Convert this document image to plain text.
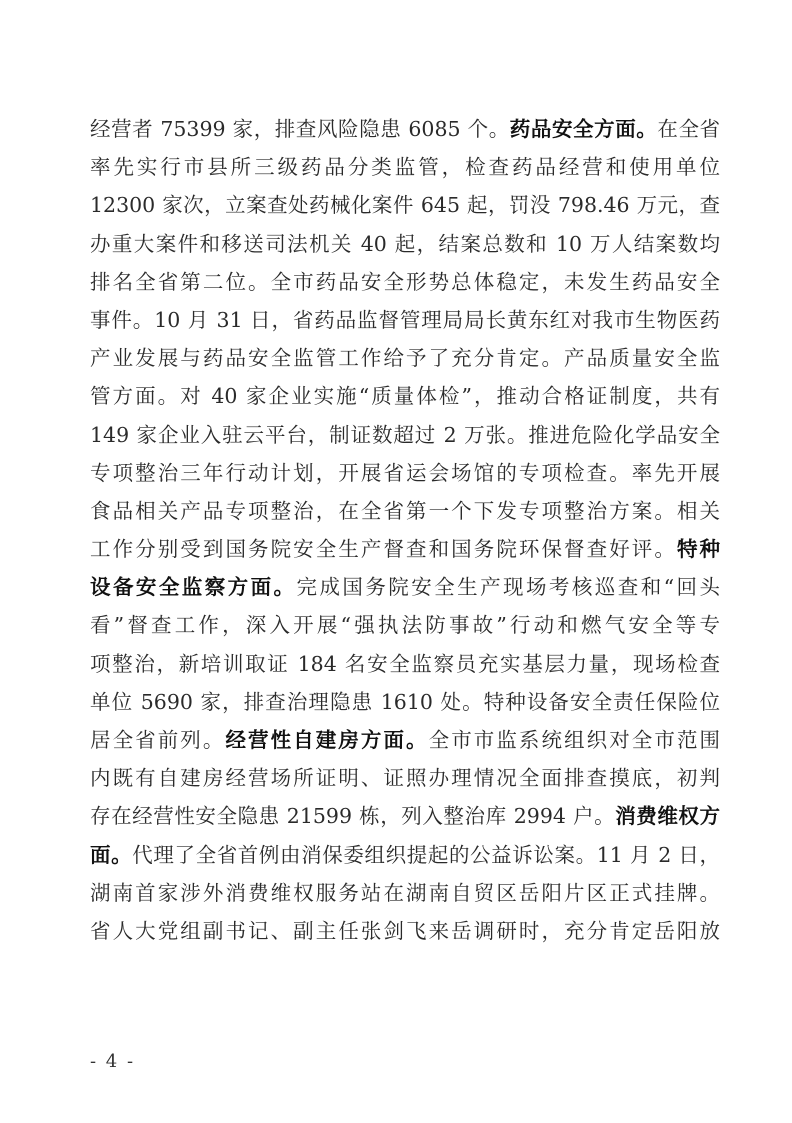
经营者 75399 家，排查风险隐患 6085 个。药品安全方面。在全省
率先实行市县所三级药品分类监管，检查药品经营和使用单位
12300 家次，立案查处药械化案件 645 起，罚没 798.46 万元，查
办重大案件和移送司法机关 40 起，结案总数和 10 万人结案数均
排名全省第二位。全市药品安全形势总体稳定，未发生药品安全
事件。10 月 31 日，省药品监督管理局局长黄东红对我市生物医药
产业发展与药品安全监管工作给予了充分肯定。产品质量安全监
管方面。对 40 家企业实施“质量体检”，推动合格证制度，共有
149 家企业入驻云平台，制证数超过 2 万张。推进危险化学品安全
专项整治三年行动计划，开展省运会场馆的专项检查。率先开展
食品相关产品专项整治，在全省第一个下发专项整治方案。相关
工作分别受到国务院安全生产督查和国务院环保督查好评。特种
设备安全监察方面。完成国务院安全生产现场考核巡查和“回头
看”督查工作，深入开展“强执法防事故”行动和燃气安全等专
项整治，新培训取证 184 名安全监察员充实基层力量，现场检查
单位 5690 家，排查治理隐患 1610 处。特种设备安全责任保险位
居全省前列。经营性自建房方面。全市市监系统组织对全市范围
内既有自建房经营场所证明、证照办理情况全面排查摸底，初判
存在经营性安全隐患 21599 栋，列入整治库 2994 户。消费维权方
面。代理了全省首例由消保委组织提起的公益诉讼案。11 月 2 日，
湖南首家涉外消费维权服务站在湖南自贸区岳阳片区正式挂牌。
省人大党组副书记、副主任张剑飞来岳调研时，充分肯定岳阳放
- 4 -
